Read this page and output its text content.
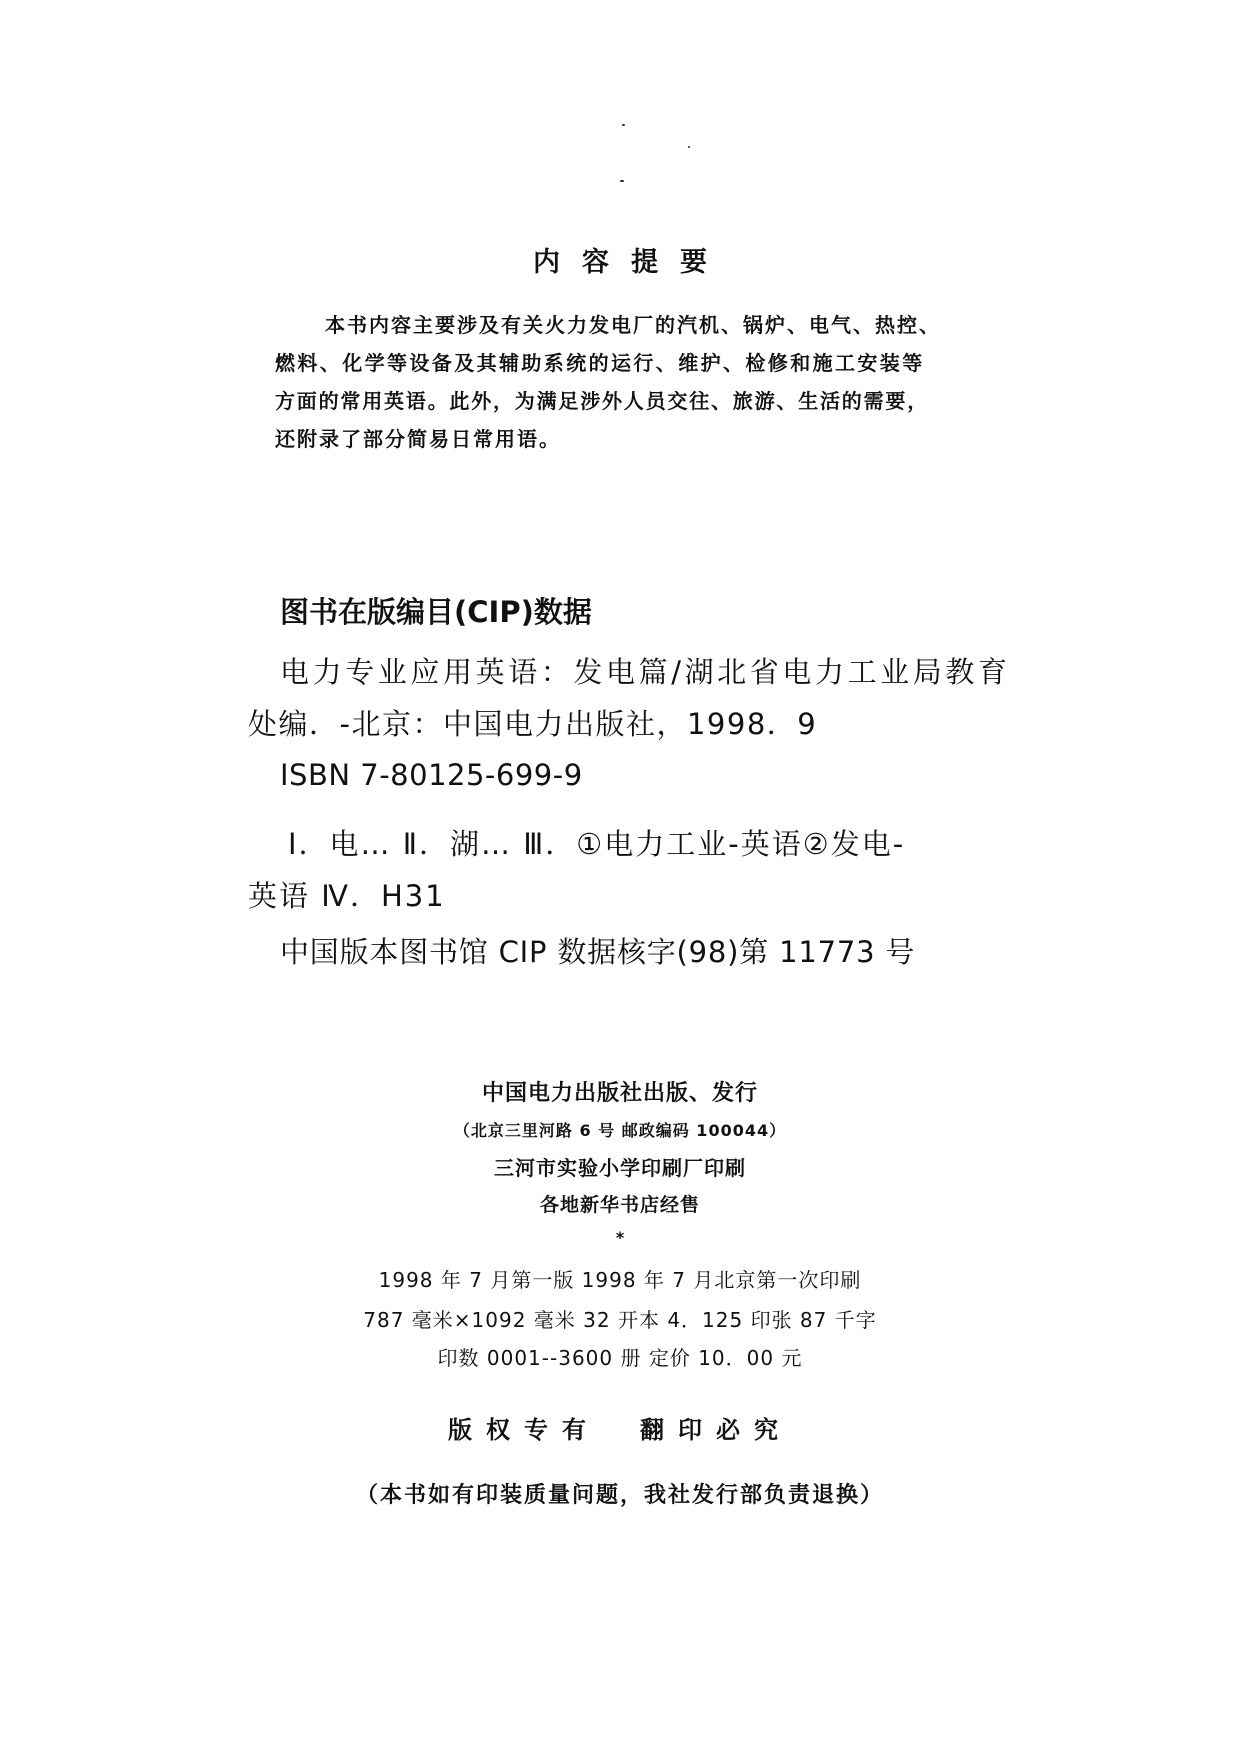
内容提要
本书内容主要涉及有关火力发电厂的汽机、锅炉、电气、热控、
燃料、化学等设备及其辅助系统的运行、维护、检修和施工安装等
方面的常用英语。此外，为满足涉外人员交往、旅游、生活的需要，
还附录了部分简易日常用语。
图书在版编目(CIP)数据
电力专业应用英语：发电篇/湖北省电力工业局教育
处编．-北京：中国电力出版社，1998．9
ISBN 7-80125-699-9
Ⅰ．电… Ⅱ．湖… Ⅲ．①电力工业-英语②发电-
英语 Ⅳ．H31
中国版本图书馆 CIP 数据核字(98)第 11773 号
中国电力出版社出版、发行
（北京三里河路 6 号 邮政编码 100044）
三河市实验小学印刷厂印刷
各地新华书店经售
*
1998 年 7 月第一版 1998 年 7 月北京第一次印刷
787 毫米×1092 毫米 32 开本 4．125 印张 87 千字
印数 0001--3600 册 定价 10．00 元
版权专有 翻印必究
（本书如有印装质量问题，我社发行部负责退换）
